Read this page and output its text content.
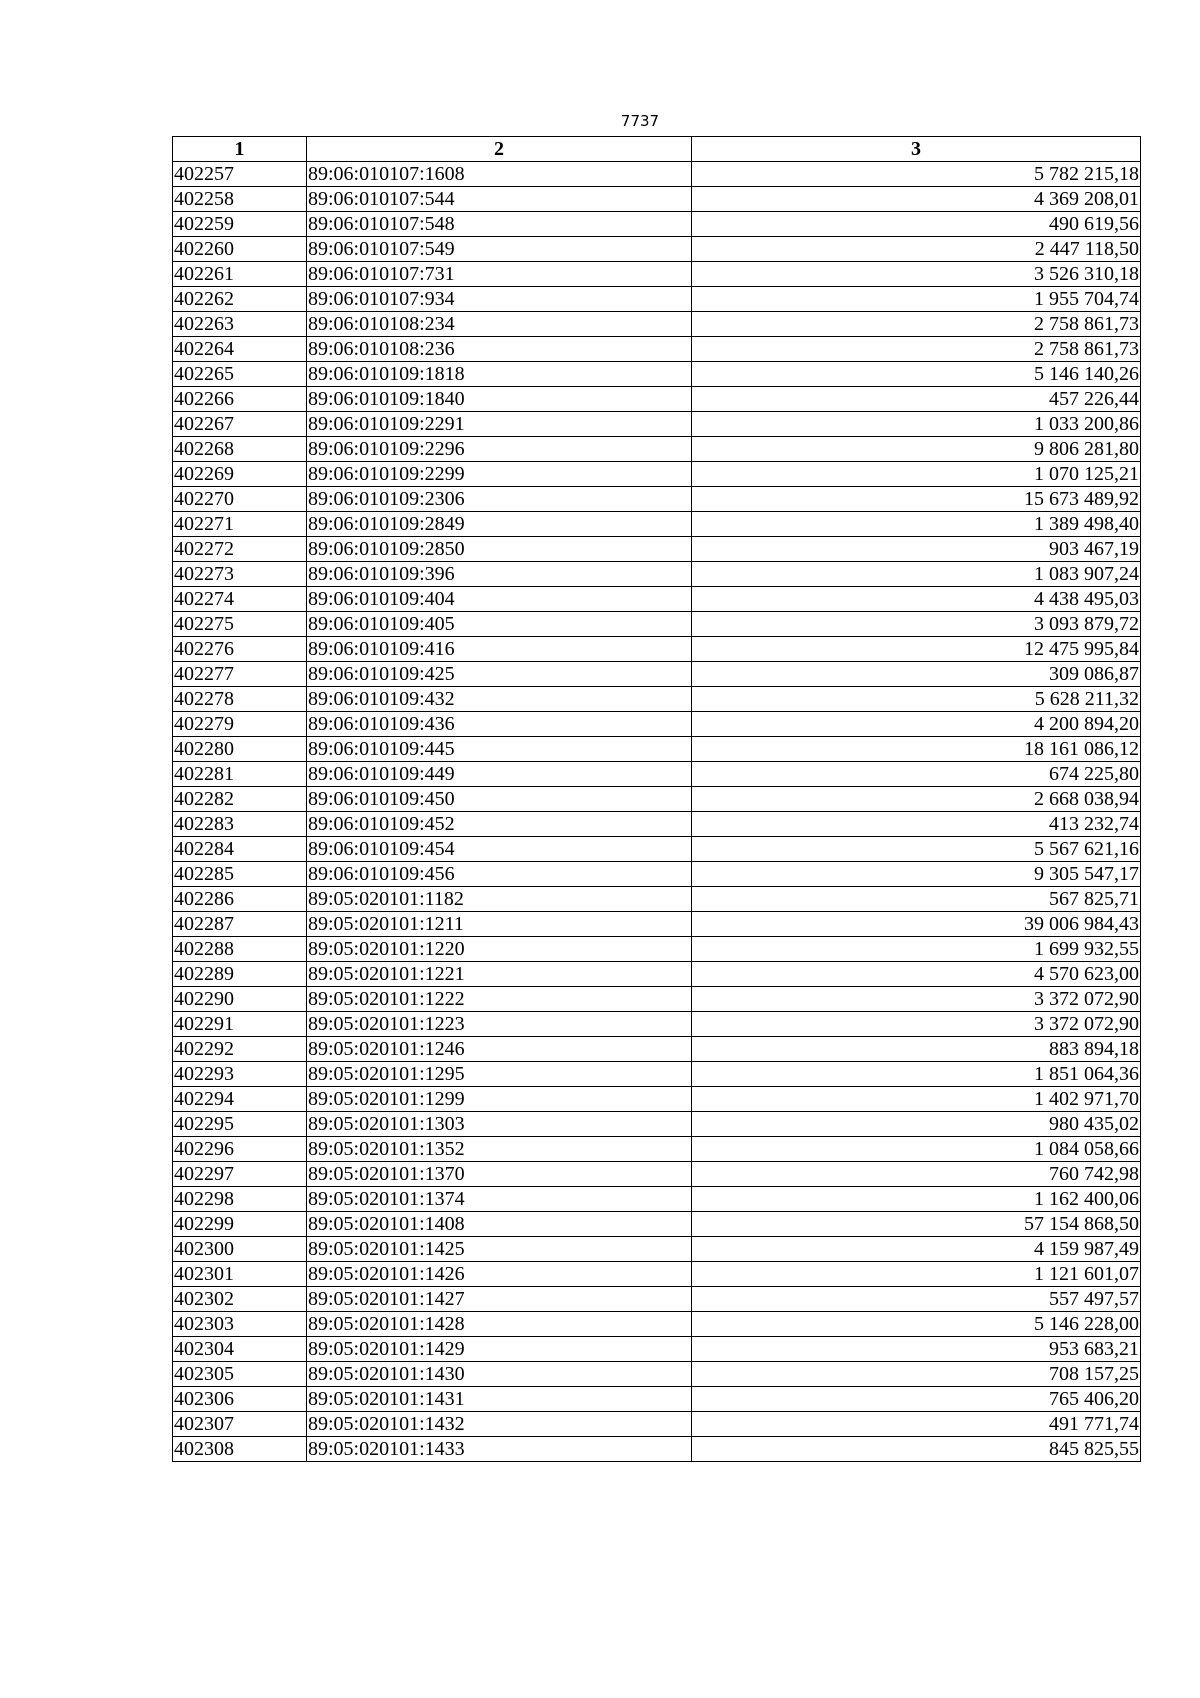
7737
1	2	3
402257	89:06:010107:1608	5 782 215,18
402258	89:06:010107:544	4 369 208,01
402259	89:06:010107:548	490 619,56
402260	89:06:010107:549	2 447 118,50
402261	89:06:010107:731	3 526 310,18
402262	89:06:010107:934	1 955 704,74
402263	89:06:010108:234	2 758 861,73
402264	89:06:010108:236	2 758 861,73
402265	89:06:010109:1818	5 146 140,26
402266	89:06:010109:1840	457 226,44
402267	89:06:010109:2291	1 033 200,86
402268	89:06:010109:2296	9 806 281,80
402269	89:06:010109:2299	1 070 125,21
402270	89:06:010109:2306	15 673 489,92
402271	89:06:010109:2849	1 389 498,40
402272	89:06:010109:2850	903 467,19
402273	89:06:010109:396	1 083 907,24
402274	89:06:010109:404	4 438 495,03
402275	89:06:010109:405	3 093 879,72
402276	89:06:010109:416	12 475 995,84
402277	89:06:010109:425	309 086,87
402278	89:06:010109:432	5 628 211,32
402279	89:06:010109:436	4 200 894,20
402280	89:06:010109:445	18 161 086,12
402281	89:06:010109:449	674 225,80
402282	89:06:010109:450	2 668 038,94
402283	89:06:010109:452	413 232,74
402284	89:06:010109:454	5 567 621,16
402285	89:06:010109:456	9 305 547,17
402286	89:05:020101:1182	567 825,71
402287	89:05:020101:1211	39 006 984,43
402288	89:05:020101:1220	1 699 932,55
402289	89:05:020101:1221	4 570 623,00
402290	89:05:020101:1222	3 372 072,90
402291	89:05:020101:1223	3 372 072,90
402292	89:05:020101:1246	883 894,18
402293	89:05:020101:1295	1 851 064,36
402294	89:05:020101:1299	1 402 971,70
402295	89:05:020101:1303	980 435,02
402296	89:05:020101:1352	1 084 058,66
402297	89:05:020101:1370	760 742,98
402298	89:05:020101:1374	1 162 400,06
402299	89:05:020101:1408	57 154 868,50
402300	89:05:020101:1425	4 159 987,49
402301	89:05:020101:1426	1 121 601,07
402302	89:05:020101:1427	557 497,57
402303	89:05:020101:1428	5 146 228,00
402304	89:05:020101:1429	953 683,21
402305	89:05:020101:1430	708 157,25
402306	89:05:020101:1431	765 406,20
402307	89:05:020101:1432	491 771,74
402308	89:05:020101:1433	845 825,55
